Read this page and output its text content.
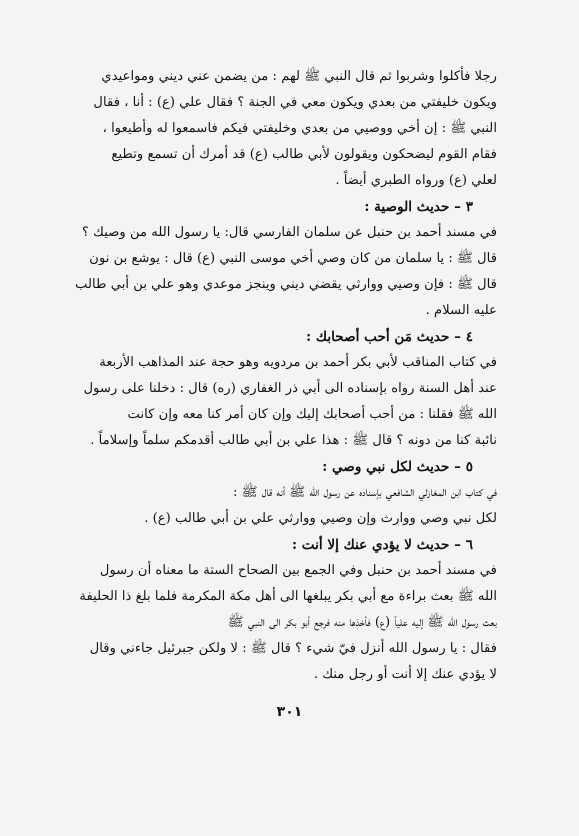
رجلا فأكلوا وشربوا ثم قال النبي ﷺ لهم : من يضمن عني ديني ومواعيدي
ويكون خليفتي من بعدي ويكون معي في الجنة ؟ فقال علي (ع) : أنا ، فقال
النبي ﷺ : إن أخي ووصيي من بعدي وخليفتي فيكم فاسمعوا له وأطيعوا ،
فقام القوم ليضحكون ويقولون لأبي طالب (ع) قد أمرك أن تسمع وتطيع
لعلي (ع) ورواه الطبري أيضاً .
٣ – حديث الوصية :
في مسند أحمد بن حنبل عن سلمان الفارسي قال: يا رسول الله من وصيك ؟
قال ﷺ : يا سلمان من كان وصي أخي موسى النبي (ع) قال : يوشع بن نون
قال ﷺ : فإن وصيي ووارثي يقضي ديني وينجز موعدي وهو علي بن أبي طالب
عليه السلام .
٤ – حديث مَن أحب أصحابك :
في كتاب المناقب لأبي بكر أحمد بن مردويه وهو حجة عند المذاهب الأربعة
عند أهل السنة رواه بإسناده الى أبي ذر الغفاري (ره) قال : دخلنا على رسول
الله ﷺ فقلنا : من أحب أصحابك إليك وإن كان أمر كنا معه وإن كانت
نائبة كنا من دونه ؟ قال ﷺ : هذا علي بن أبي طالب أقدمكم سلماً وإسلاماً .
٥ – حديث لكل نبي وصي :
في كتاب ابن المغازلي الشافعي بإسناده عن رسول الله ﷺ أنه قال ﷺ :
لكل نبي وصي ووارث وإن وصيي ووارثي علي بن أبي طالب (ع) .
٦ – حديث لا يؤدي عنك إلا أنت :
في مسند أحمد بن حنبل وفي الجمع بين الصحاح الستة ما معناه أن رسول
الله ﷺ بعث براءة مع أبي بكر يبلغها الى أهل مكة المكرمة فلما بلغ ذا الحليفة
بعث رسول الله ﷺ إليه علياً (ع) فأخذها منه فرجع أبو بكر الى النبي ﷺ
فقال : يا رسول الله أنزل فيّ شيء ؟ قال ﷺ : لا ولكن جبرئيل جاءني وقال
لا يؤدي عنك إلا أنت أو رجل منك .
٣٠١
